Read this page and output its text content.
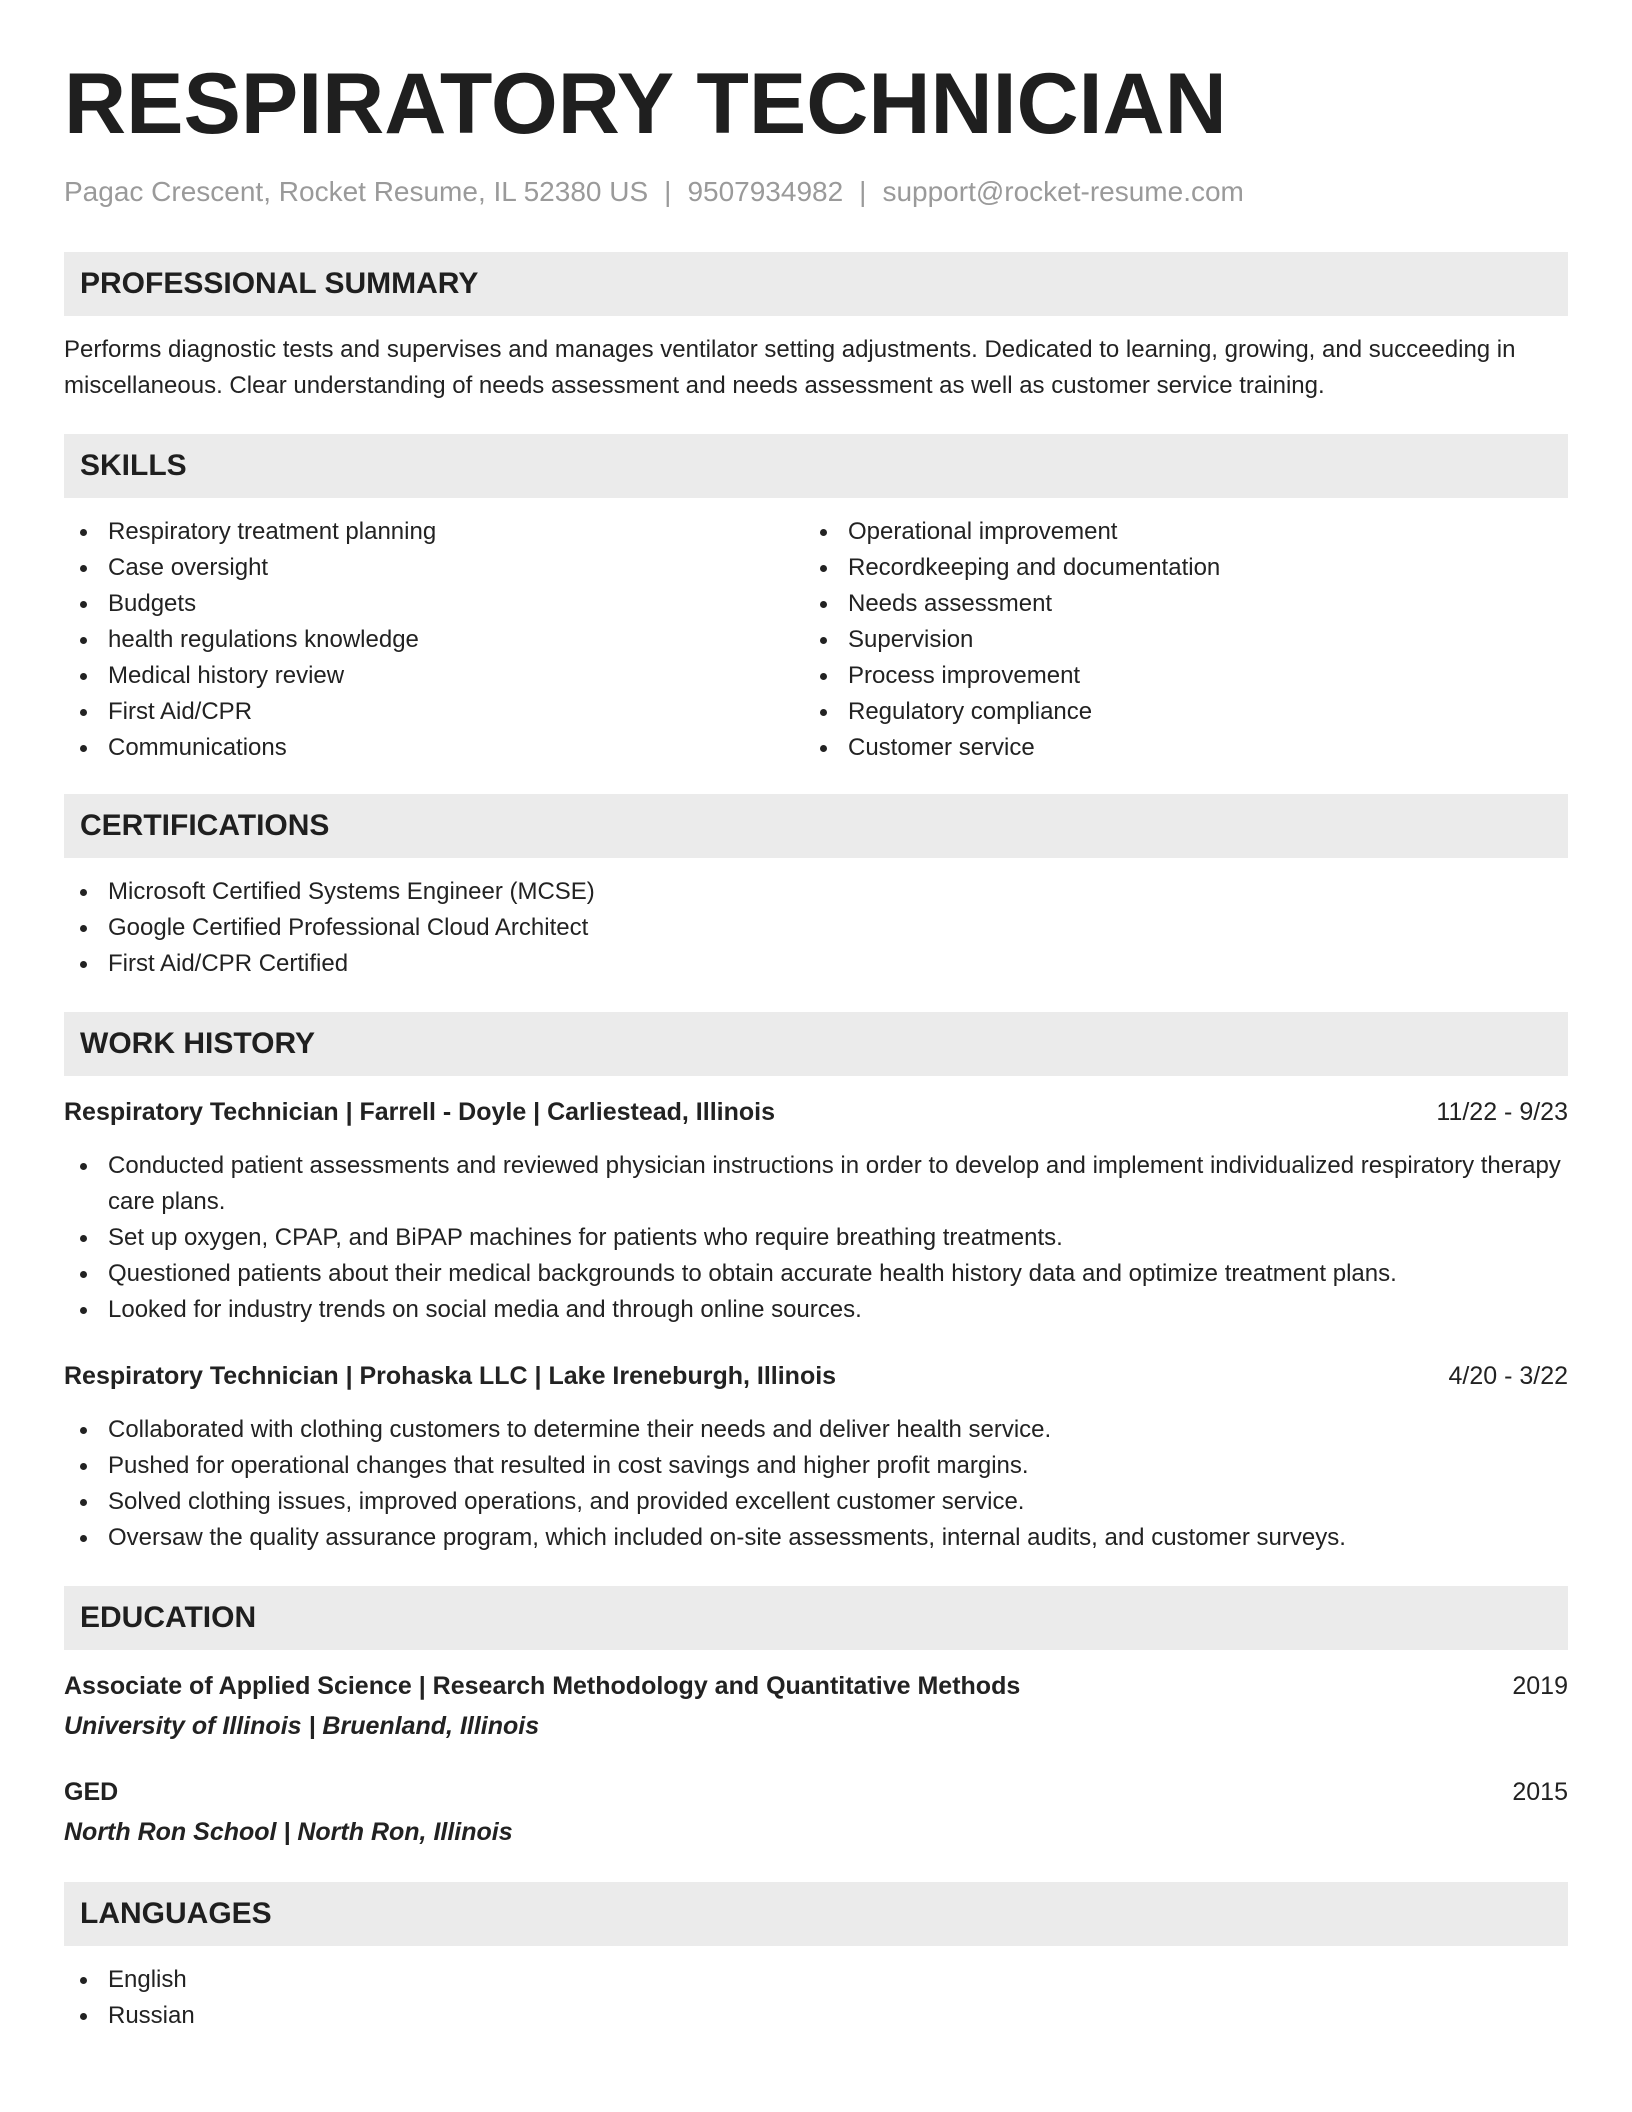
RESPIRATORY TECHNICIAN
Pagac Crescent, Rocket Resume, IL 52380 US | 9507934982 | support@rocket-resume.com
PROFESSIONAL SUMMARY

Performs diagnostic tests and supervises and manages ventilator setting adjustments. Dedicated to learning, growing, and succeeding in miscellaneous. Clear understanding of needs assessment and needs assessment as well as customer service training.

SKILLS
Respiratory treatment planning
Case oversight
Budgets
health regulations knowledge
Medical history review
First Aid/CPR
Communications
Operational improvement
Recordkeeping and documentation
Needs assessment
Supervision
Process improvement
Regulatory compliance
Customer service
CERTIFICATIONS
Microsoft Certified Systems Engineer (MCSE)
Google Certified Professional Cloud Architect
First Aid/CPR Certified
WORK HISTORY
Respiratory Technician | Farrell - Doyle | Carliestead, Illinois	11/22 - 9/23
Conducted patient assessments and reviewed physician instructions in order to develop and implement individualized respiratory therapy care plans.
Set up oxygen, CPAP, and BiPAP machines for patients who require breathing treatments.
Questioned patients about their medical backgrounds to obtain accurate health history data and optimize treatment plans.
Looked for industry trends on social media and through online sources.
Respiratory Technician | Prohaska LLC | Lake Ireneburgh, Illinois	4/20 - 3/22
Collaborated with clothing customers to determine their needs and deliver health service.
Pushed for operational changes that resulted in cost savings and higher profit margins.
Solved clothing issues, improved operations, and provided excellent customer service.
Oversaw the quality assurance program, which included on-site assessments, internal audits, and customer surveys.
EDUCATION
Associate of Applied Science | Research Methodology and Quantitative Methods	2019
University of Illinois | Bruenland, Illinois
GED	2015
North Ron School | North Ron, Illinois
LANGUAGES
English
Russian
